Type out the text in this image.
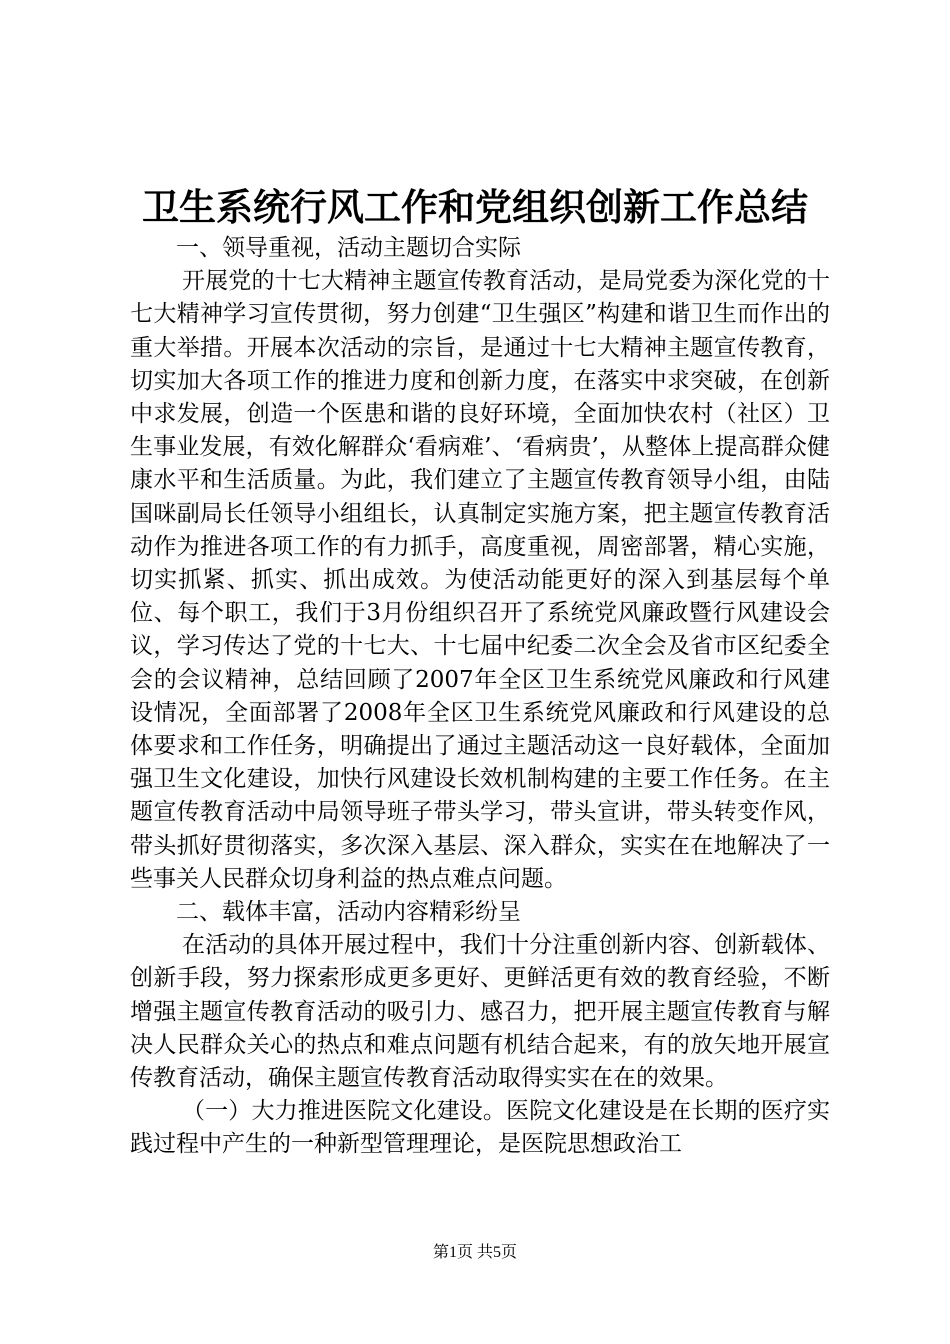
卫生系统行风工作和党组织创新工作总结

一、领导重视，活动主题切合实际

开展党的十七大精神主题宣传教育活动，是局党委为深化党的十七大精神学习宣传贯彻，努力创建“卫生强区”构建和谐卫生而作出的重大举措。开展本次活动的宗旨，是通过十七大精神主题宣传教育，切实加大各项工作的推进力度和创新力度，在落实中求突破，在创新中求发展，创造一个医患和谐的良好环境，全面加快农村（社区）卫生事业发展，有效化解群众‘看病难’、‘看病贵’，从整体上提高群众健康水平和生活质量。为此，我们建立了主题宣传教育领导小组，由陆国咪副局长任领导小组组长，认真制定实施方案，把主题宣传教育活动作为推进各项工作的有力抓手，高度重视，周密部署，精心实施，切实抓紧、抓实、抓出成效。为使活动能更好的深入到基层每个单位、每个职工，我们于3月份组织召开了系统党风廉政暨行风建设会议，学习传达了党的十七大、十七届中纪委二次全会及省市区纪委全会的会议精神，总结回顾了2007年全区卫生系统党风廉政和行风建设情况，全面部署了2008年全区卫生系统党风廉政和行风建设的总体要求和工作任务，明确提出了通过主题活动这一良好载体，全面加强卫生文化建设，加快行风建设长效机制构建的主要工作任务。在主题宣传教育活动中局领导班子带头学习，带头宣讲，带头转变作风，带头抓好贯彻落实，多次深入基层、深入群众，实实在在地解决了一些事关人民群众切身利益的热点难点问题。

二、载体丰富，活动内容精彩纷呈

在活动的具体开展过程中，我们十分注重创新内容、创新载体、创新手段，努力探索形成更多更好、更鲜活更有效的教育经验，不断增强主题宣传教育活动的吸引力、感召力，把开展主题宣传教育与解决人民群众关心的热点和难点问题有机结合起来，有的放矢地开展宣传教育活动，确保主题宣传教育活动取得实实在在的效果。

（一）大力推进医院文化建设。医院文化建设是在长期的医疗实践过程中产生的一种新型管理理论，是医院思想政治工

第1页 共5页
